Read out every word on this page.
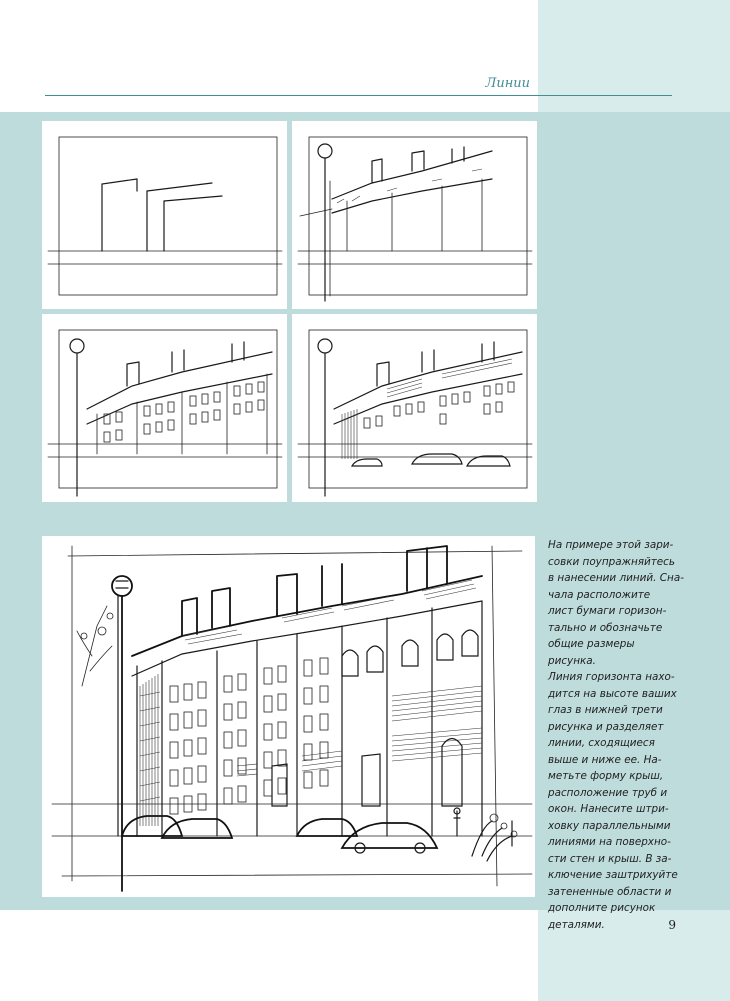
Линии
На примере этой зари-
совки поупражняйтесь
в нанесении линий. Сна-
чала расположите
лист бумаги горизон-
тально и обозначьте
общие размеры рисунка.
Линия горизонта нахо-
дится на высоте ваших
глаз в нижней трети
рисунка и разделяет
линии, сходящиеся
выше и ниже ее. На-
метьте форму крыш,
расположение труб и
окон. Нанесите штри-
ховку параллельными
линиями на поверхно-
сти стен и крыш. В за-
ключение заштрихуйте
затененные области и
дополните рисунок
деталями.	9
